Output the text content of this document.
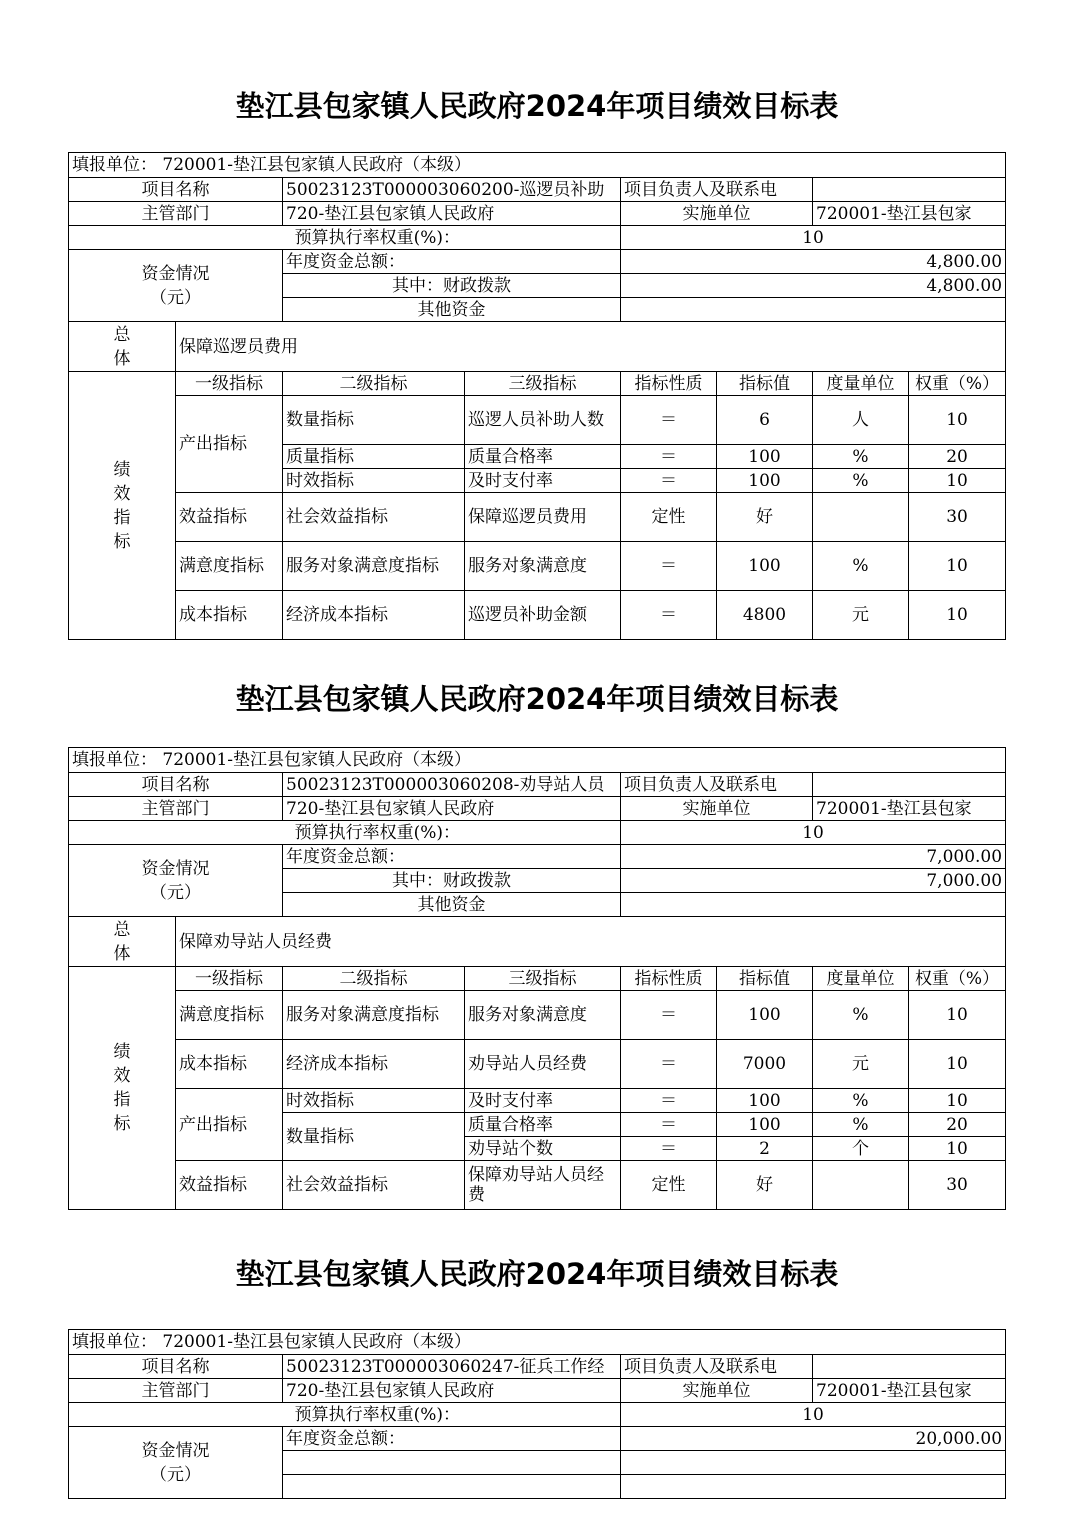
垫江县包家镇人民政府2024年项目绩效目标表
填报单位： 720001-垫江县包家镇人民政府（本级）							
项目名称		50023123T000003060200-巡逻员补助		项目负责人及联系电			
主管部门		720-垫江县包家镇人民政府		实施单位		720001-垫江县包家	
预算执行率权重(%)：				10			
资金情况
（元）		年度资金总额：		4,800.00			
		其中：财政拨款		4,800.00			
		其他资金					
总
体	保障巡逻员费用						
绩
效
指
标	一级指标	二级指标	三级指标	指标性质	指标值	度量单位	权重（%）
	产出指标	数量指标	巡逻人员补助人数	＝	6	人	10
		质量指标	质量合格率	＝	100	%	20
		时效指标	及时支付率	＝	100	%	10
	效益指标	社会效益指标	保障巡逻员费用	定性	好		30
	满意度指标	服务对象满意度指标	服务对象满意度	＝	100	%	10
	成本指标	经济成本指标	巡逻员补助金额	＝	4800	元	10
垫江县包家镇人民政府2024年项目绩效目标表
填报单位： 720001-垫江县包家镇人民政府（本级）							
项目名称		50023123T000003060208-劝导站人员		项目负责人及联系电			
主管部门		720-垫江县包家镇人民政府		实施单位		720001-垫江县包家	
预算执行率权重(%)：				10			
资金情况
（元）		年度资金总额：		7,000.00			
		其中：财政拨款		7,000.00			
		其他资金					
总
体	保障劝导站人员经费						
绩
效
指
标	一级指标	二级指标	三级指标	指标性质	指标值	度量单位	权重（%）
	满意度指标	服务对象满意度指标	服务对象满意度	＝	100	%	10
	成本指标	经济成本指标	劝导站人员经费	＝	7000	元	10
	产出指标	时效指标	及时支付率	＝	100	%	10
		数量指标	质量合格率	＝	100	%	20
			劝导站个数	＝	2	个	10
	效益指标	社会效益指标	保障劝导站人员经费	定性	好		30
垫江县包家镇人民政府2024年项目绩效目标表
填报单位： 720001-垫江县包家镇人民政府（本级）			
项目名称	50023123T000003060247-征兵工作经	项目负责人及联系电	
主管部门	720-垫江县包家镇人民政府	实施单位	720001-垫江县包家
预算执行率权重(%)：		10	
资金情况
（元）	年度资金总额：	20,000.00	
